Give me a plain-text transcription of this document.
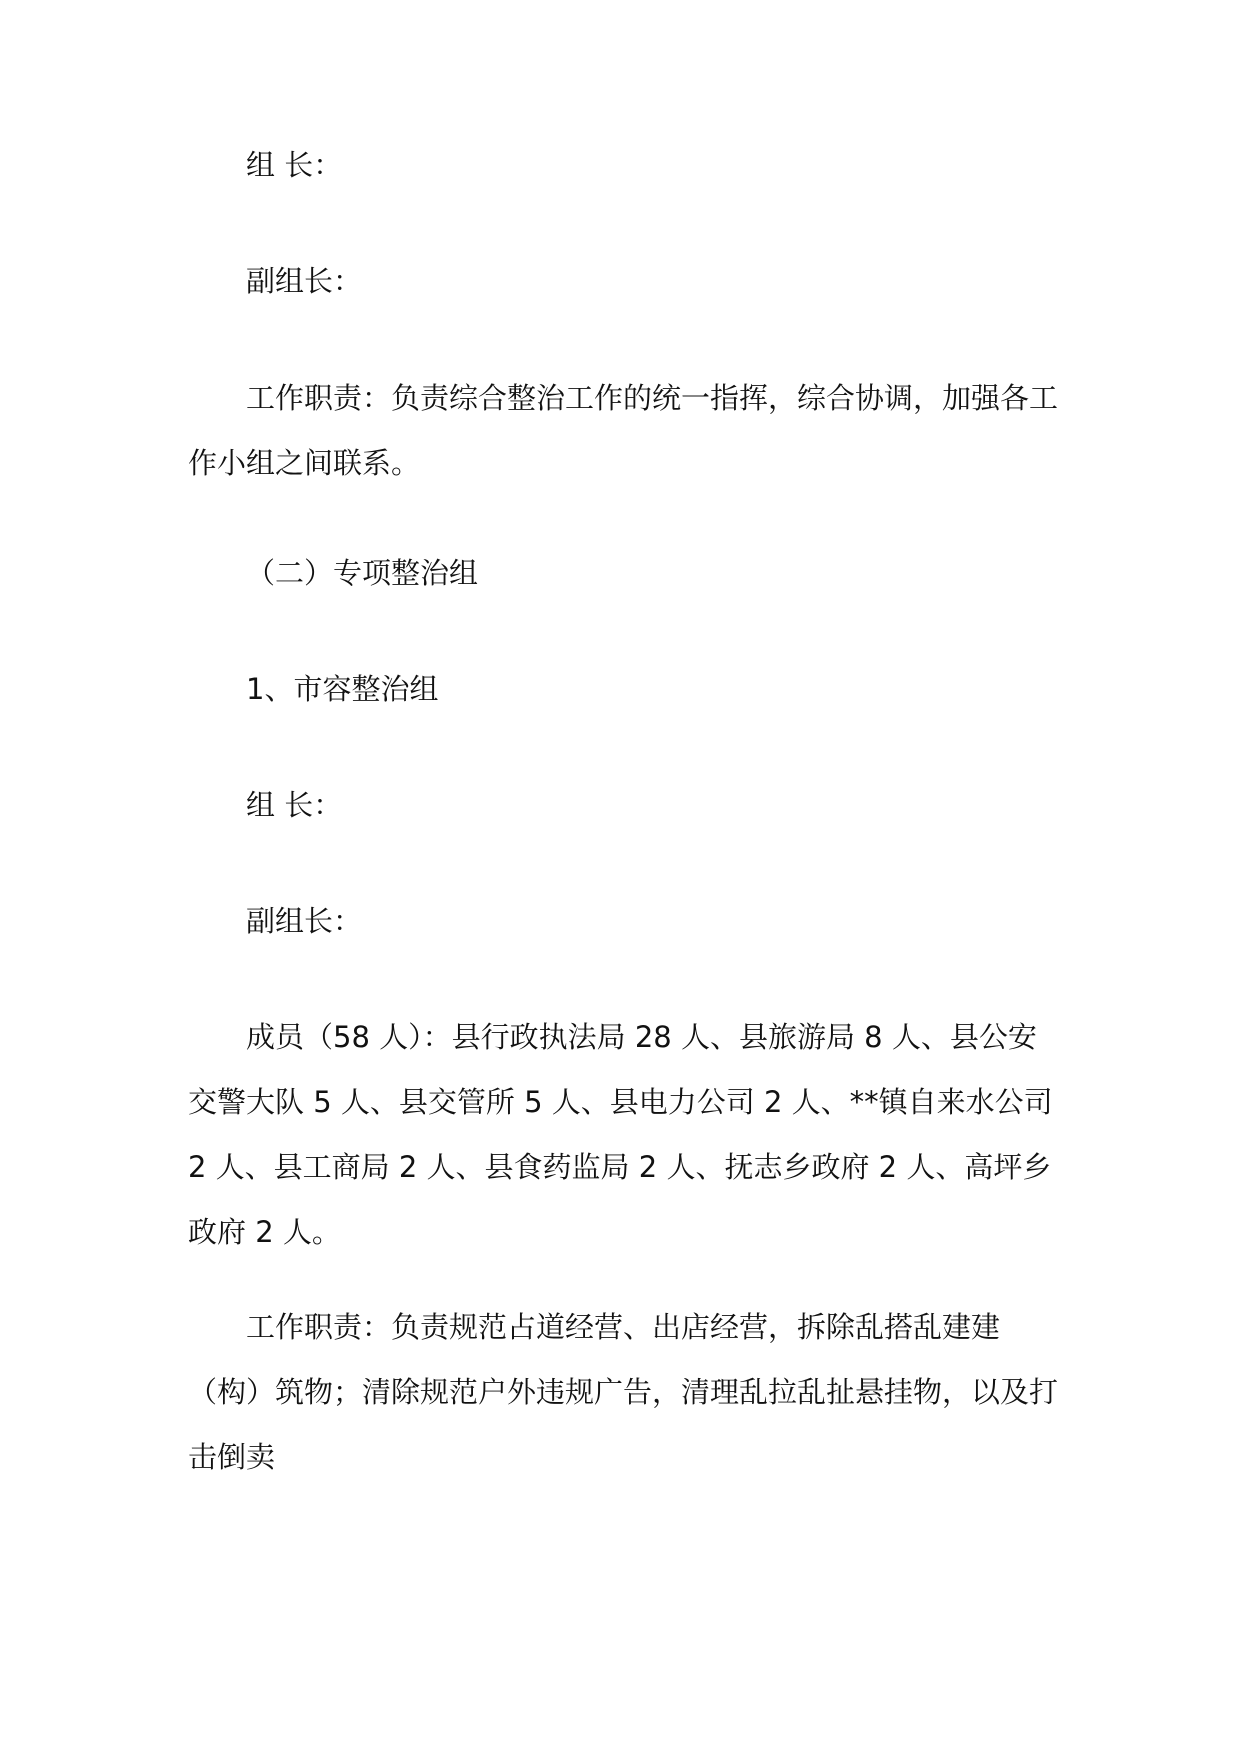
组 长：

副组长：

工作职责：负责综合整治工作的统一指挥，综合协调，加强各工作小组之间联系。

（二）专项整治组

1、市容整治组

组 长：

副组长：

成员（58 人）：县行政执法局 28 人、县旅游局 8 人、县公安交警大队 5 人、县交管所 5 人、县电力公司 2 人、**镇自来水公司 2 人、县工商局 2 人、县食药监局 2 人、抚志乡政府 2 人、高坪乡政府 2 人。

工作职责：负责规范占道经营、出店经营，拆除乱搭乱建建（构）筑物；清除规范户外违规广告，清理乱拉乱扯悬挂物，以及打击倒卖
